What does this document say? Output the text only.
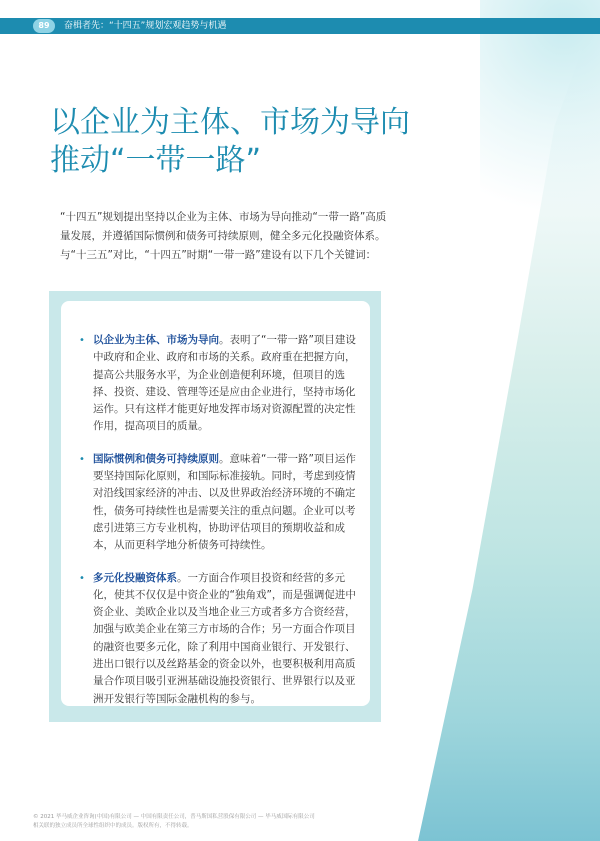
89	奋楫者先：“十四五”规划宏观趋势与机遇
以企业为主体、市场为导向
推动“一带一路”

“十四五”规划提出坚持以企业为主体、市场为导向推动“一带一路”高质量发展，并遵循国际惯例和债务可持续原则，健全多元化投融资体系。与“十三五”对比，“十四五”时期“一带一路”建设有以下几个关键词：

• 以企业为主体、市场为导向。表明了“一带一路”项目建设中政府和企业、政府和市场的关系。政府重在把握方向，提高公共服务水平，为企业创造便利环境，但项目的选择、投资、建设、管理等还是应由企业进行，坚持市场化运作。只有这样才能更好地发挥市场对资源配置的决定性作用，提高项目的质量。
• 国际惯例和债务可持续原则。意味着“一带一路”项目运作要坚持国际化原则，和国际标准接轨。同时，考虑到疫情对沿线国家经济的冲击、以及世界政治经济环境的不确定性，债务可持续性也是需要关注的重点问题。企业可以考虑引进第三方专业机构，协助评估项目的预期收益和成本，从而更科学地分析债务可持续性。
• 多元化投融资体系。一方面合作项目投资和经营的多元化，使其不仅仅是中资企业的“独角戏”，而是强调促进中资企业、美欧企业以及当地企业三方或者多方合资经营，加强与欧美企业在第三方市场的合作；另一方面合作项目的融资也要多元化，除了利用中国商业银行、开发银行、进出口银行以及丝路基金的资金以外，也要积极利用高质量合作项目吸引亚洲基础设施投资银行、世界银行以及亚洲开发银行等国际金融机构的参与。
© 2021 毕马威企业咨询(中国)有限公司 — 中国有限责任公司，普马斯国私营股保有限公司 — 毕马威国际有限公司
相关联的独立成员所全球性组织中的成员。版权所有，不得转载。
